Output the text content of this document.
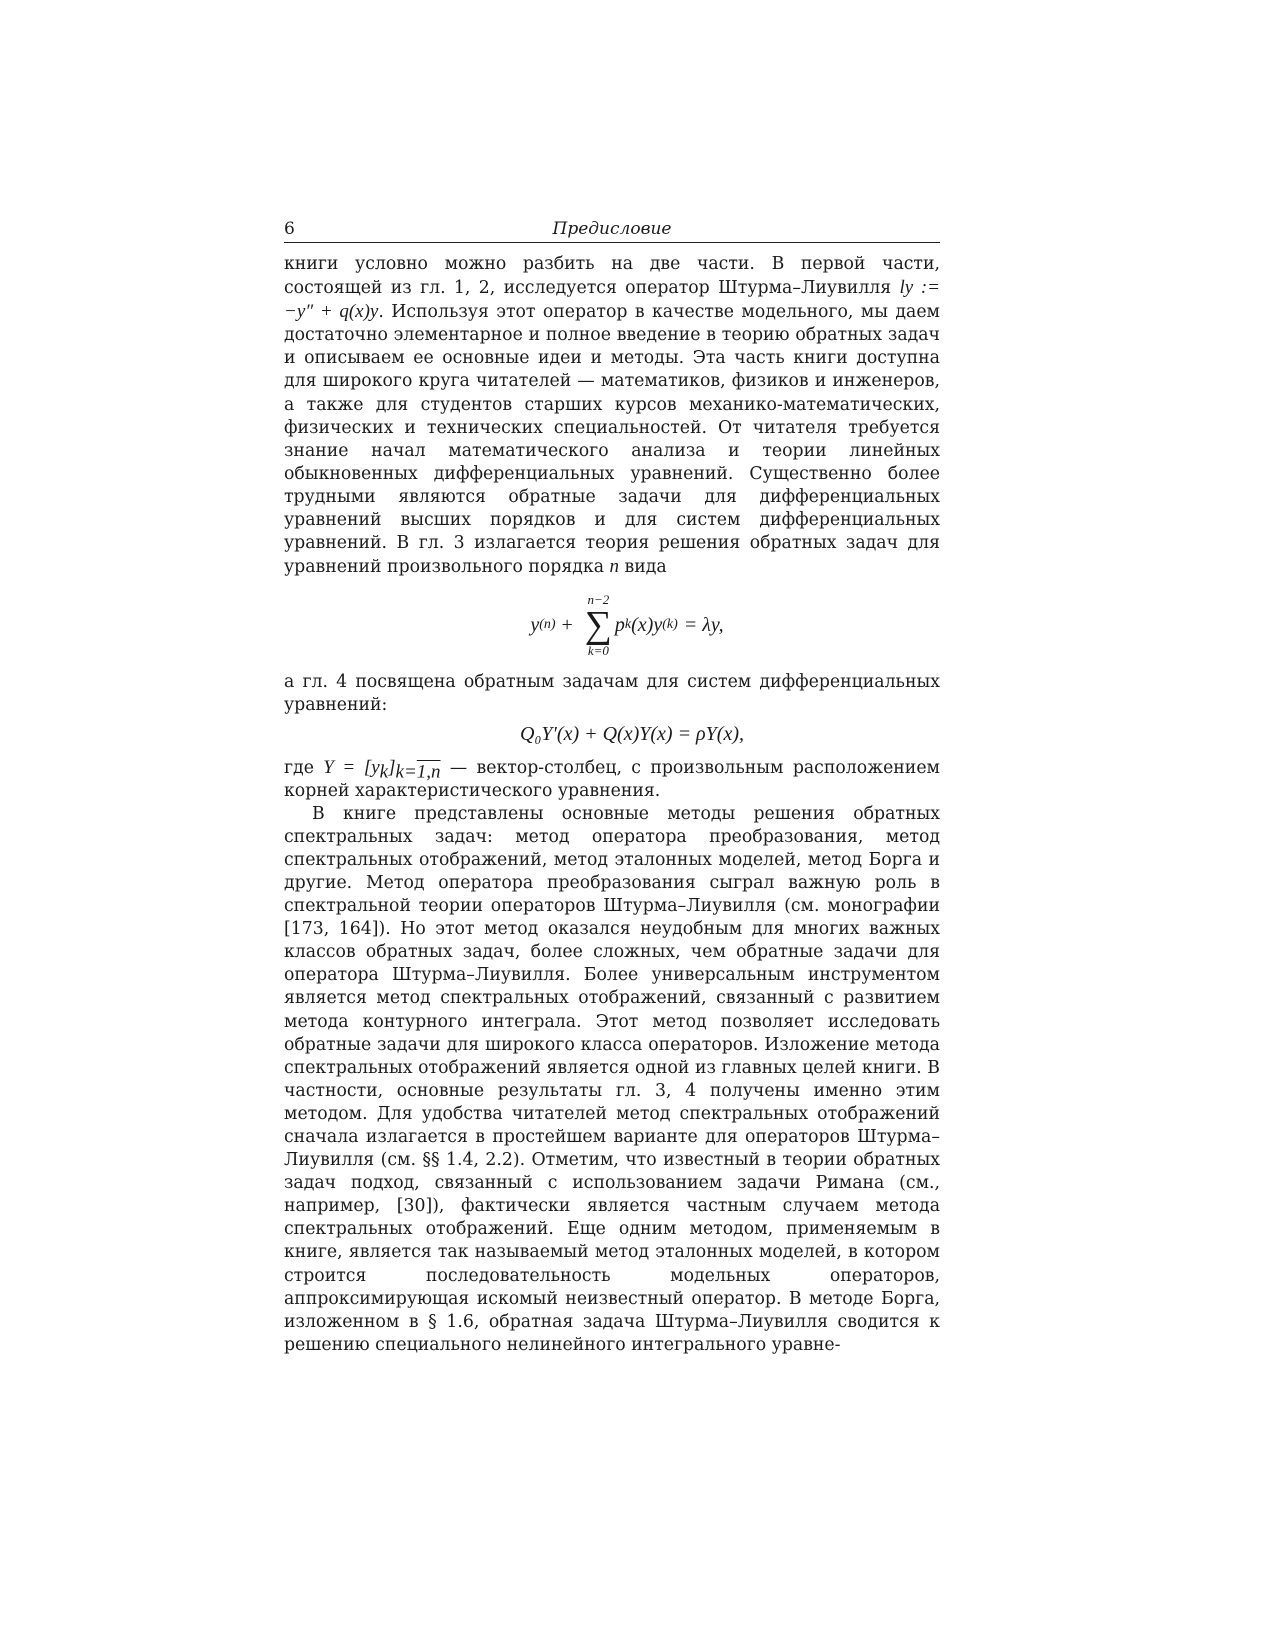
6	Предисловие

книги условно можно разбить на две части. В первой части, состоящей из гл. 1, 2, исследуется оператор Штурма–Лиувилля ly := −y″ + q(x)y. Используя этот оператор в качестве модельного, мы даем достаточно элементарное и полное введение в теорию обратных задач и описываем ее основные идеи и методы. Эта часть книги доступна для широкого круга читателей — математиков, физиков и инженеров, а также для студентов старших курсов механико-математических, физических и технических специальностей. От читателя требуется знание начал математического анализа и теории линейных обыкновенных дифференциальных уравнений. Существенно более трудными являются обратные задачи для дифференциальных уравнений высших порядков и для систем дифференциальных уравнений. В гл. 3 излагается теория решения обратных задач для уравнений произвольного порядка n вида

y (n) +
n−2
∑
k=0
p k (x)y (k) = λy,

а гл. 4 посвящена обратным задачам для систем дифференциальных уравнений:

Q₀Y′(x) + Q(x)Y(x) = ρY(x),

где $Y = [y_k]_{k=1,n}$ — вектор-столбец, с произвольным расположением корней характеристического уравнения.

В книге представлены основные методы решения обратных спектральных задач: метод оператора преобразования, метод спектральных отображений, метод эталонных моделей, метод Борга и другие. Метод оператора преобразования сыграл важную роль в спектральной теории операторов Штурма–Лиувилля (см. монографии [173, 164]). Но этот метод оказался неудобным для многих важных классов обратных задач, более сложных, чем обратные задачи для оператора Штурма–Лиувилля. Более универсальным инструментом является метод спектральных отображений, связанный с развитием метода контурного интеграла. Этот метод позволяет исследовать обратные задачи для широкого класса операторов. Изложение метода спектральных отображений является одной из главных целей книги. В частности, основные результаты гл. 3, 4 получены именно этим методом. Для удобства читателей метод спектральных отображений сначала излагается в простейшем варианте для операторов Штурма–Лиувилля (см. §§ 1.4, 2.2). Отметим, что известный в теории обратных задач подход, связанный с использованием задачи Римана (см., например, [30]), фактически является частным случаем метода спектральных отображений. Еще одним методом, применяемым в книге, является так называемый метод эталонных моделей, в котором строится последовательность модельных операторов, аппроксимирующая искомый неизвестный оператор. В методе Борга, изложенном в § 1.6, обратная задача Штурма–Лиувилля сводится к решению специального нелинейного интегрального уравне-
